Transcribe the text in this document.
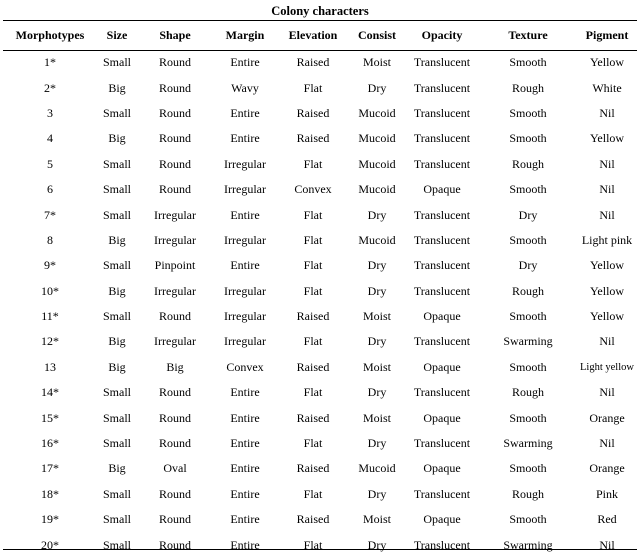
Colony characters
Morphotypes	Size	Shape	Margin	Elevation	Consist	Opacity	Texture	Pigment
1*	Small	Round	Entire	Raised	Moist	Translucent	Smooth	Yellow
2*	Big	Round	Wavy	Flat	Dry	Translucent	Rough	White
3	Small	Round	Entire	Raised	Mucoid	Translucent	Smooth	Nil
4	Big	Round	Entire	Raised	Mucoid	Translucent	Smooth	Yellow
5	Small	Round	Irregular	Flat	Mucoid	Translucent	Rough	Nil
6	Small	Round	Irregular	Convex	Mucoid	Opaque	Smooth	Nil
7*	Small	Irregular	Entire	Flat	Dry	Translucent	Dry	Nil
8	Big	Irregular	Irregular	Flat	Mucoid	Translucent	Smooth	Light pink
9*	Small	Pinpoint	Entire	Flat	Dry	Translucent	Dry	Yellow
10*	Big	Irregular	Irregular	Flat	Dry	Translucent	Rough	Yellow
11*	Small	Round	Irregular	Raised	Moist	Opaque	Smooth	Yellow
12*	Big	Irregular	Irregular	Flat	Dry	Translucent	Swarming	Nil
13	Big	Big	Convex	Raised	Moist	Opaque	Smooth	Light yellow
14*	Small	Round	Entire	Flat	Dry	Translucent	Rough	Nil
15*	Small	Round	Entire	Raised	Moist	Opaque	Smooth	Orange
16*	Small	Round	Entire	Flat	Dry	Translucent	Swarming	Nil
17*	Big	Oval	Entire	Raised	Mucoid	Opaque	Smooth	Orange
18*	Small	Round	Entire	Flat	Dry	Translucent	Rough	Pink
19*	Small	Round	Entire	Raised	Moist	Opaque	Smooth	Red
20*	Small	Round	Entire	Flat	Dry	Translucent	Swarming	Nil
